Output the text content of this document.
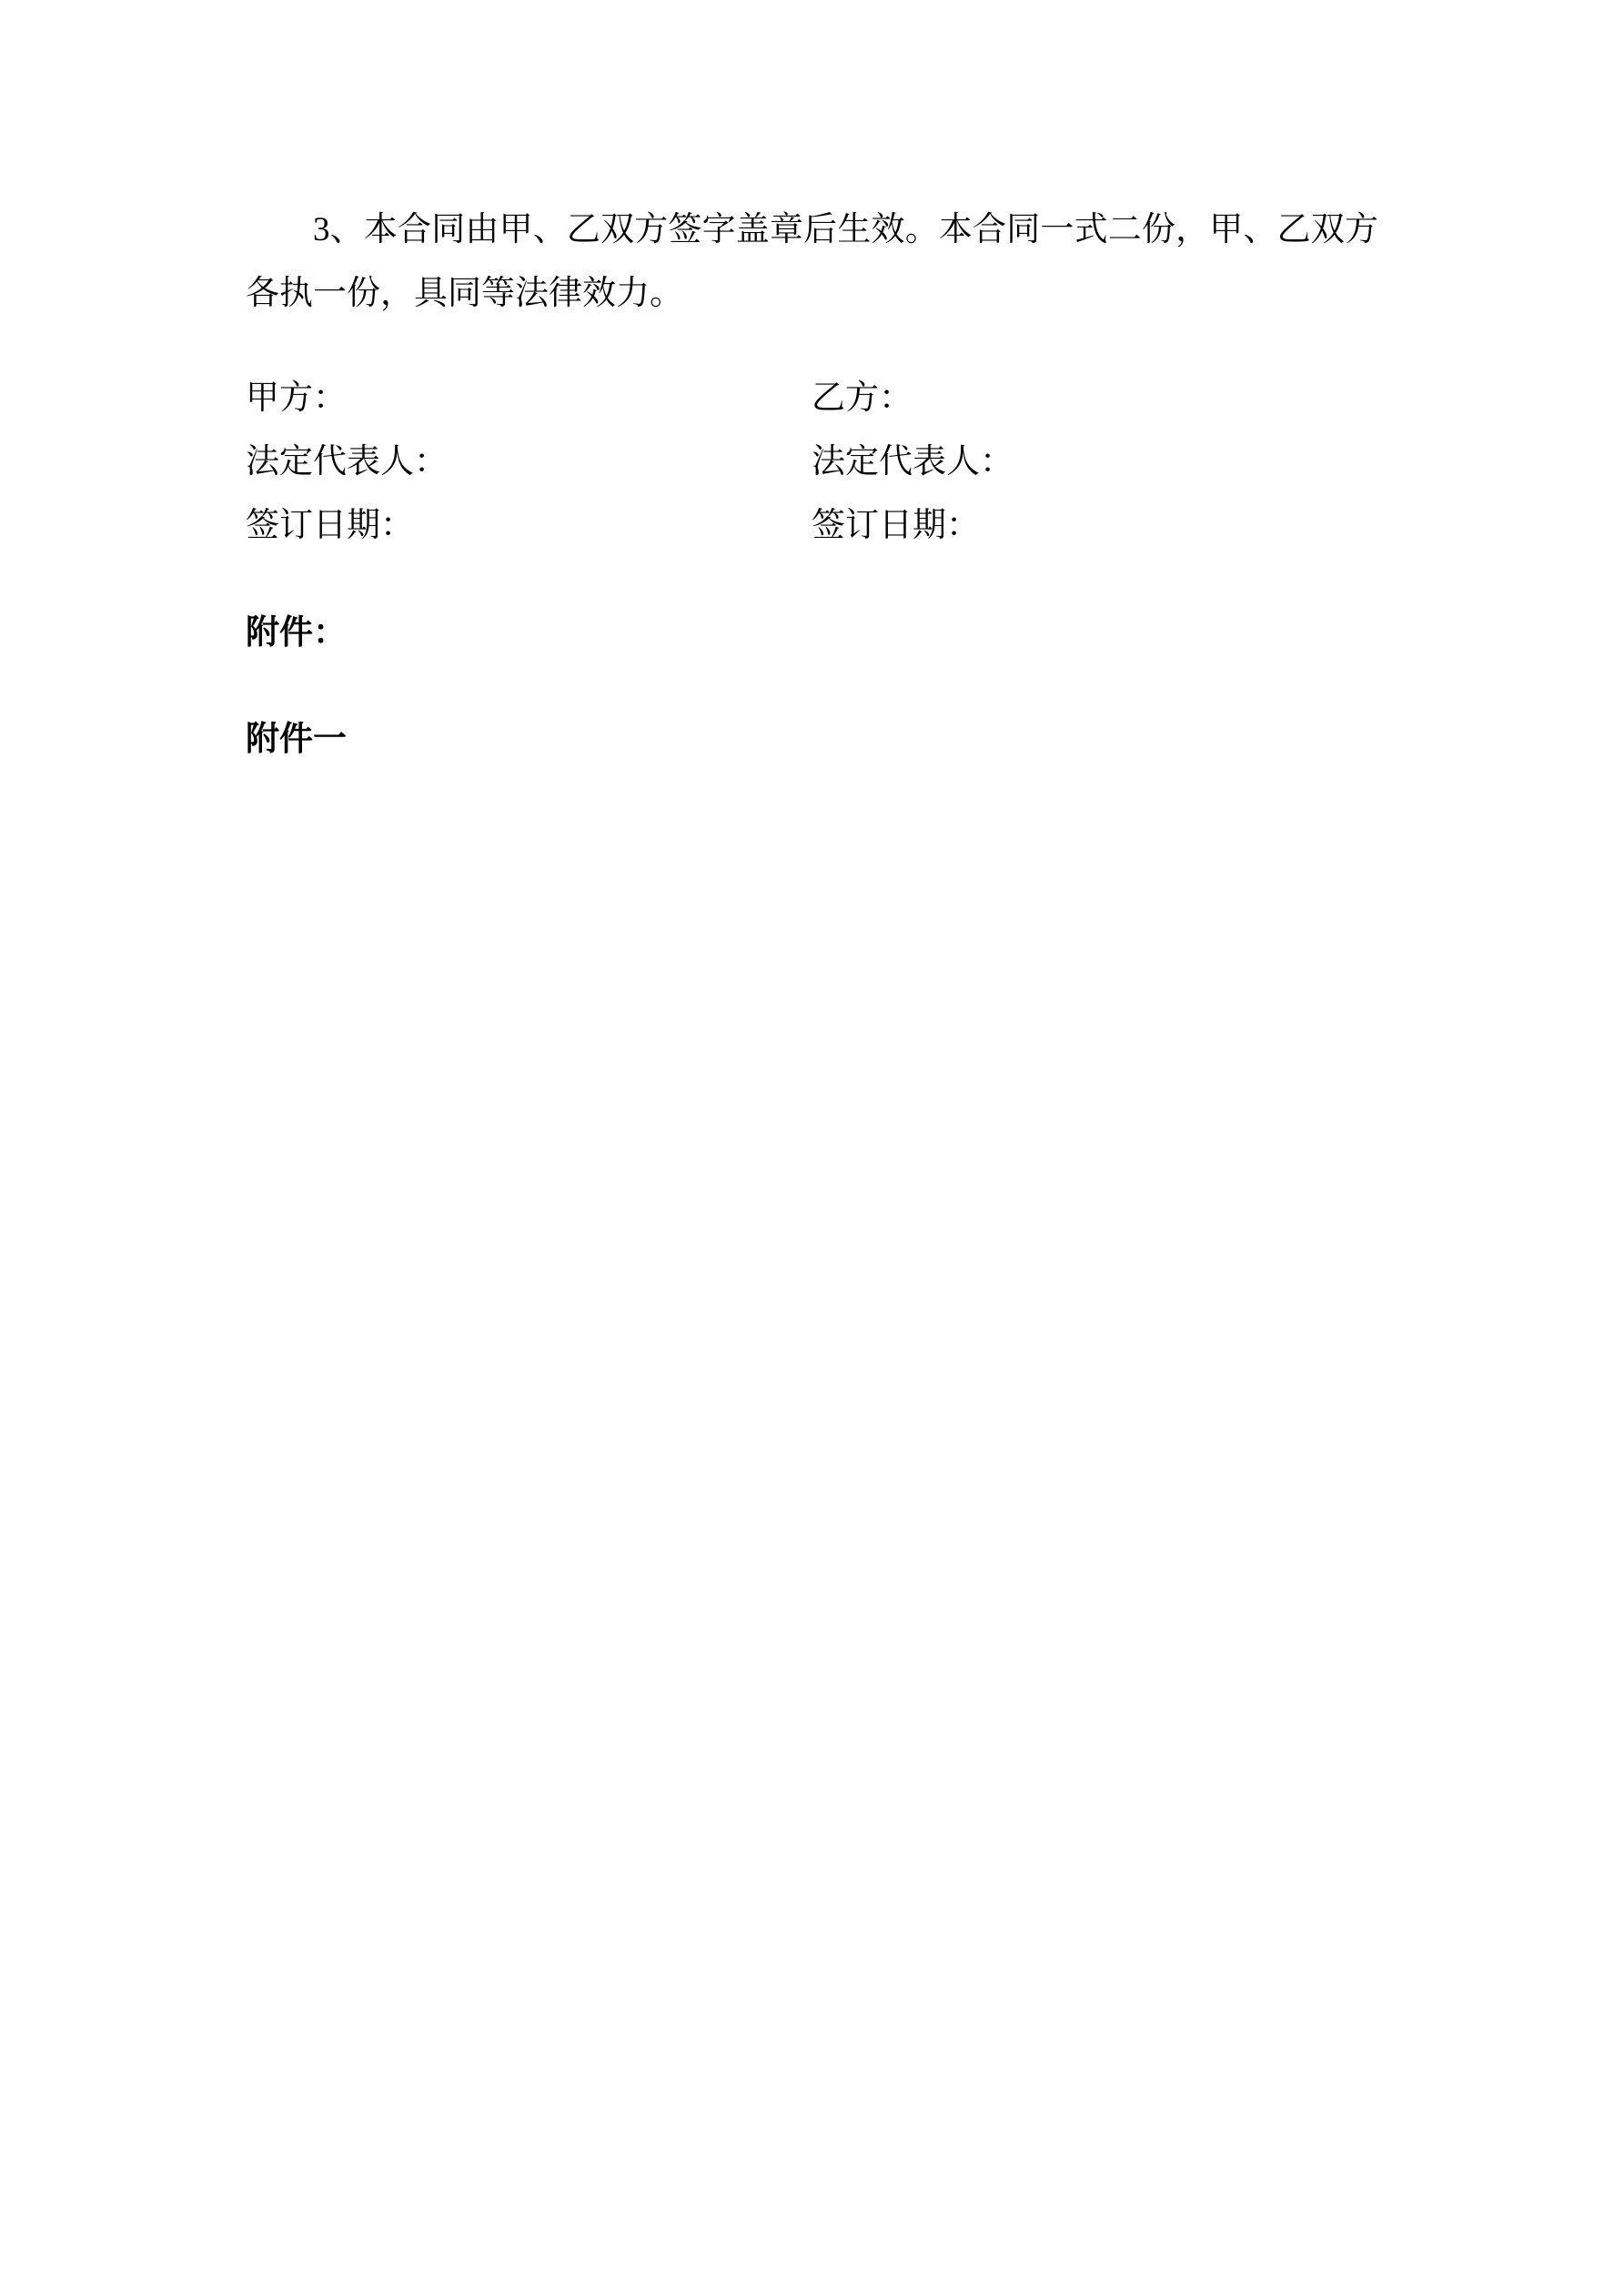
3、本合同由甲、乙双方签字盖章后生效。本合同一式二份，甲、乙双方各执一份，具同等法律效力。

甲方：
法定代表人：
签订日期：
乙方：
法定代表人：
签订日期：
附件：
附件一
